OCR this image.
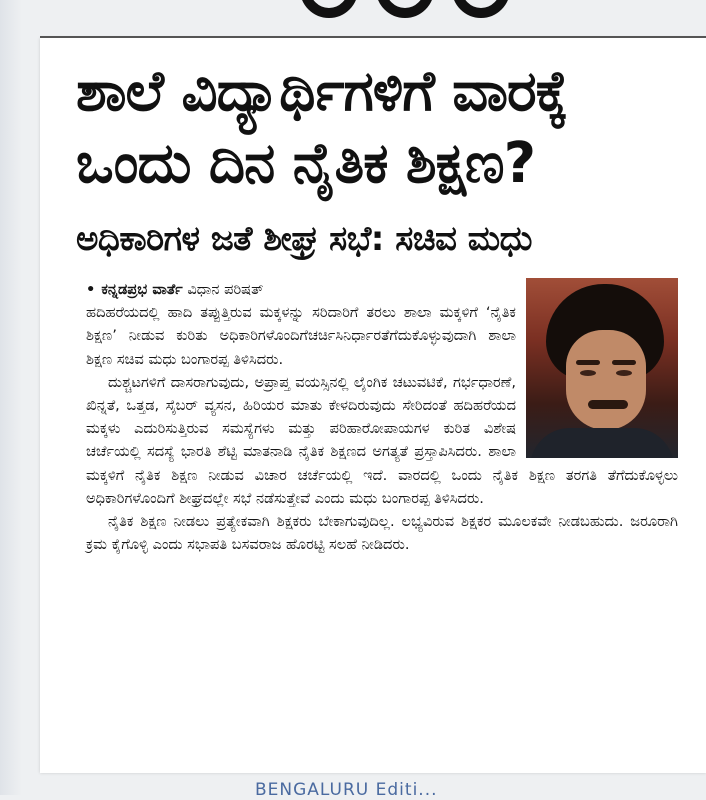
ಶಾಲೆ ವಿದ್ಯಾರ್ಥಿಗಳಿಗೆ ವಾರಕ್ಕೆ ಒಂದು ದಿನ ನೈತಿಕ ಶಿಕ್ಷಣ?
ಅಧಿಕಾರಿಗಳ ಜತೆ ಶೀಘ್ರ ಸಭೆ: ಸಚಿವ ಮಧು

• ಕನ್ನಡಪ್ರಭ ವಾರ್ತೆ ವಿಧಾನ ಪರಿಷತ್

ಹದಿಹರೆಯದಲ್ಲಿ ಹಾದಿ ತಪ್ಪುತ್ತಿರುವ ಮಕ್ಕಳನ್ನು ಸರಿದಾರಿಗೆ ತರಲು ಶಾಲಾ ಮಕ್ಕಳಿಗೆ ‘ನೈತಿಕ ಶಿಕ್ಷಣ’ ನೀಡುವ ಕುರಿತು ಅಧಿಕಾರಿಗಳೊಂದಿಗೆಚರ್ಚಿಸಿನಿರ್ಧಾರತೆಗೆದುಕೊಳ್ಳುವುದಾಗಿ ಶಾಲಾ ಶಿಕ್ಷಣ ಸಚಿವ ಮಧು ಬಂಗಾರಪ್ಪ ತಿಳಿಸಿದರು.

ದುಶ್ಚಟಗಳಿಗೆ ದಾಸರಾಗುವುದು, ಅಪ್ರಾಪ್ತ ವಯಸ್ಸಿನಲ್ಲಿ ಲೈಂಗಿಕ ಚಟುವಟಿಕೆ, ಗರ್ಭಧಾರಣೆ, ಖಿನ್ನತೆ, ಒತ್ತಡ, ಸೈಬರ್ ವ್ಯಸನ, ಹಿರಿಯರ ಮಾತು ಕೇಳದಿರುವುದು ಸೇರಿದಂತೆ ಹದಿಹರೆಯದ ಮಕ್ಕಳು ಎದುರಿಸುತ್ತಿರುವ ಸಮಸ್ಯೆಗಳು ಮತ್ತು ಪರಿಹಾರೋಪಾಯಗಳ ಕುರಿತ ವಿಶೇಷ ಚರ್ಚೆಯಲ್ಲಿ ಸದಸ್ಯೆ ಭಾರತಿ ಶೆಟ್ಟಿ ಮಾತನಾಡಿ ನೈತಿಕ ಶಿಕ್ಷಣದ ಅಗತ್ಯತೆ ಪ್ರಸ್ತಾಪಿಸಿದರು. ಶಾಲಾ ಮಕ್ಕಳಿಗೆ ನೈತಿಕ ಶಿಕ್ಷಣ ನೀಡುವ ವಿಚಾರ ಚರ್ಚೆಯಲ್ಲಿ ಇದೆ. ವಾರದಲ್ಲಿ ಒಂದು ನೈತಿಕ ಶಿಕ್ಷಣ ತರಗತಿ ತೆಗೆದುಕೊಳ್ಳಲು ಅಧಿಕಾರಿಗಳೊಂದಿಗೆ ಶೀಘ್ರದಲ್ಲೇ ಸಭೆ ನಡೆಸುತ್ತೇವೆ ಎಂದು ಮಧು ಬಂಗಾರಪ್ಪ ತಿಳಿಸಿದರು.

ನೈತಿಕ ಶಿಕ್ಷಣ ನೀಡಲು ಪ್ರತ್ಯೇಕವಾಗಿ ಶಿಕ್ಷಕರು ಬೇಕಾಗುವುದಿಲ್ಲ. ಲಭ್ಯವಿರುವ ಶಿಕ್ಷಕರ ಮೂಲಕವೇ ನೀಡಬಹುದು. ಜರೂರಾಗಿ ಕ್ರಮ ಕೈಗೊಳ್ಳಿ ಎಂದು ಸಭಾಪತಿ ಬಸವರಾಜ ಹೊರಟ್ಟಿ ಸಲಹೆ ನೀಡಿದರು.

BENGALURU Editi...
